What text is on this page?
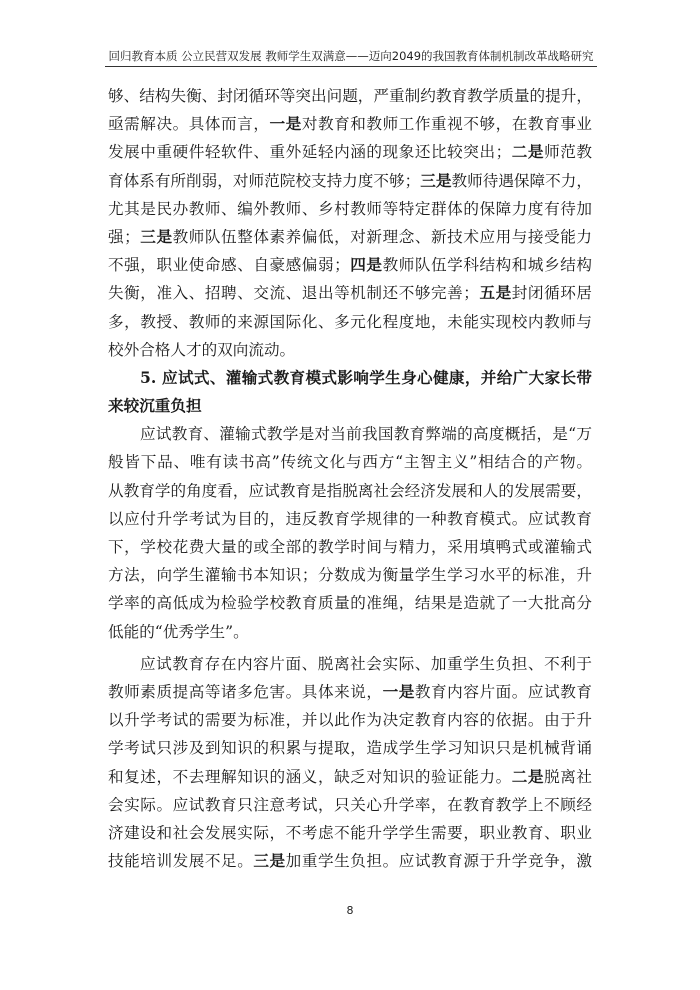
回归教育本质 公立民营双发展 教师学生双满意——迈向2049的我国教育体制机制改革战略研究
够、结构失衡、封闭循环等突出问题，严重制约教育教学质量的提升，
亟需解决。具体而言，一是对教育和教师工作重视不够，在教育事业
发展中重硬件轻软件、重外延轻内涵的现象还比较突出；二是师范教
育体系有所削弱，对师范院校支持力度不够；三是教师待遇保障不力，
尤其是民办教师、编外教师、乡村教师等特定群体的保障力度有待加
强；三是教师队伍整体素养偏低，对新理念、新技术应用与接受能力
不强，职业使命感、自豪感偏弱；四是教师队伍学科结构和城乡结构
失衡，准入、招聘、交流、退出等机制还不够完善；五是封闭循环居
多，教授、教师的来源国际化、多元化程度地，未能实现校内教师与
校外合格人才的双向流动。
5. 应试式、灌输式教育模式影响学生身心健康，并给广大家长带
来较沉重负担
应试教育、灌输式教学是对当前我国教育弊端的高度概括，是“万
般皆下品、唯有读书高”传统文化与西方“主智主义”相结合的产物。
从教育学的角度看，应试教育是指脱离社会经济发展和人的发展需要，
以应付升学考试为目的，违反教育学规律的一种教育模式。应试教育
下，学校花费大量的或全部的教学时间与精力，采用填鸭式或灌输式
方法，向学生灌输书本知识；分数成为衡量学生学习水平的标准，升
学率的高低成为检验学校教育质量的准绳，结果是造就了一大批高分
低能的“优秀学生”。
应试教育存在内容片面、脱离社会实际、加重学生负担、不利于
教师素质提高等诸多危害。具体来说，一是教育内容片面。应试教育
以升学考试的需要为标准，并以此作为决定教育内容的依据。由于升
学考试只涉及到知识的积累与提取，造成学生学习知识只是机械背诵
和复述，不去理解知识的涵义，缺乏对知识的验证能力。二是脱离社
会实际。应试教育只注意考试，只关心升学率，在教育教学上不顾经
济建设和社会发展实际，不考虑不能升学学生需要，职业教育、职业
技能培训发展不足。三是加重学生负担。应试教育源于升学竞争，激
8
